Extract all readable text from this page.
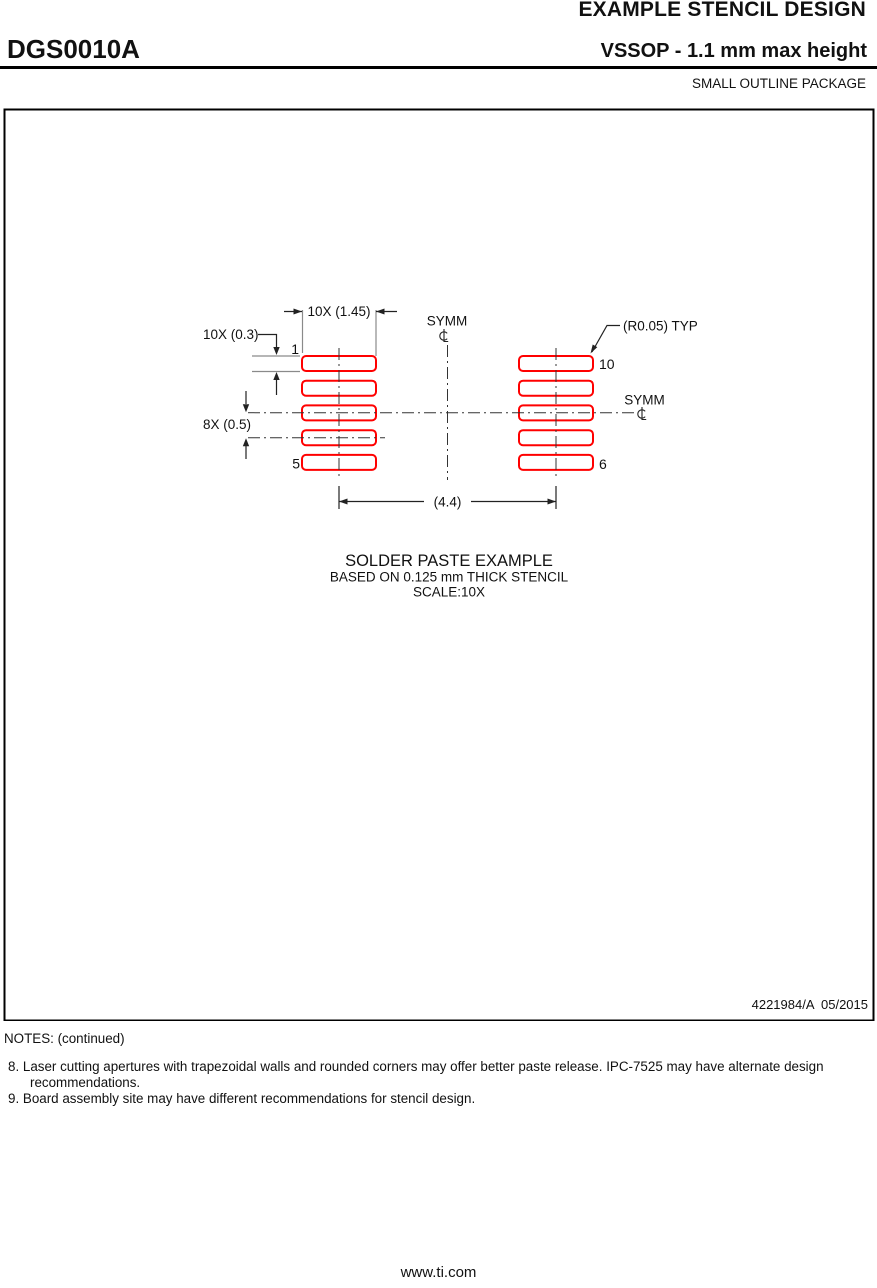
EXAMPLE STENCIL DESIGN
DGS0010A	VSSOP - 1.1 mm max height
SMALL OUTLINE PACKAGE
10X (1.45)
10X (0.3)
8X (0.5)
(4.4)
(R0.05) TYP
1
5
10
6
SYMM
SYMM
SOLDER PASTE EXAMPLE
BASED ON 0.125 mm THICK STENCIL
SCALE:10X
4221984/A  05/2015
NOTES: (continued)
8. Laser cutting apertures with trapezoidal walls and rounded corners may offer better paste release. IPC-7525 may have alternate design recommendations.
9. Board assembly site may have different recommendations for stencil design.
www.ti.com
